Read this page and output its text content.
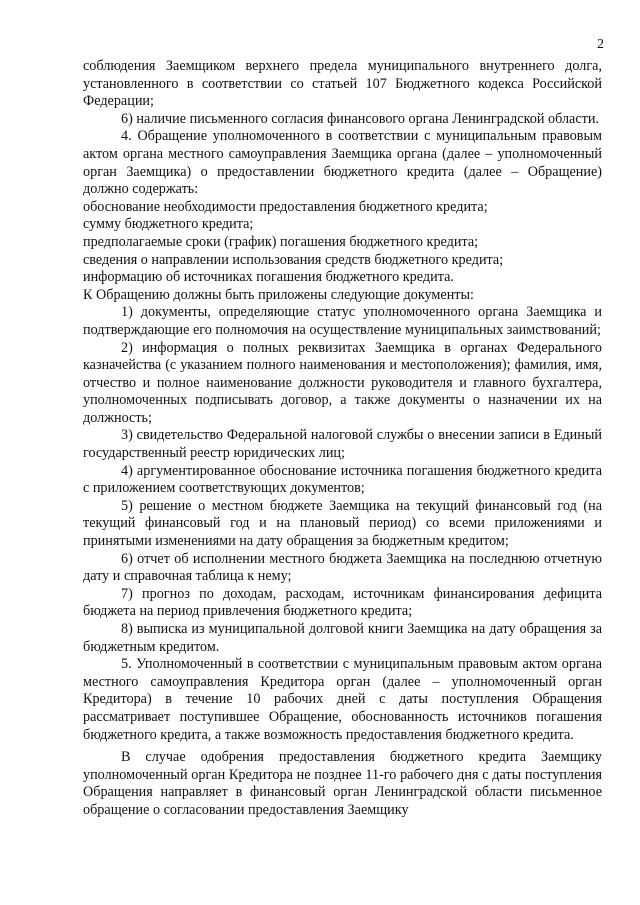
2

соблюдения Заемщиком верхнего предела муниципального внутреннего долга, установленного в соответствии со статьей 107 Бюджетного кодекса Российской Федерации;

6) наличие письменного согласия финансового органа Ленинградской области.

4. Обращение уполномоченного в соответствии с муниципальным правовым актом органа местного самоуправления Заемщика органа (далее – уполномоченный орган Заемщика) о предоставлении бюджетного кредита (далее – Обращение) должно содержать:

обоснование необходимости предоставления бюджетного кредита;

сумму бюджетного кредита;

предполагаемые сроки (график) погашения бюджетного кредита;

сведения о направлении использования средств бюджетного кредита;

информацию об источниках погашения бюджетного кредита.

К Обращению должны быть приложены следующие документы:

1) документы, определяющие статус уполномоченного органа Заемщика и подтверждающие его полномочия на осуществление муниципальных заимствований;

2) информация о полных реквизитах Заемщика в органах Федерального казначейства (с указанием полного наименования и местоположения); фамилия, имя, отчество и полное наименование должности руководителя и главного бухгалтера, уполномоченных подписывать договор, а также документы о назначении их на должность;

3) свидетельство Федеральной налоговой службы о внесении записи в Единый государственный реестр юридических лиц;

4) аргументированное обоснование источника погашения бюджетного кредита с приложением соответствующих документов;

5) решение о местном бюджете Заемщика на текущий финансовый год (на текущий финансовый год и на плановый период) со всеми приложениями и принятыми изменениями на дату обращения за бюджетным кредитом;

6) отчет об исполнении местного бюджета Заемщика на последнюю отчетную дату и справочная таблица к нему;

7) прогноз по доходам, расходам, источникам финансирования дефицита бюджета на период привлечения бюджетного кредита;

8) выписка из муниципальной долговой книги Заемщика на дату обращения за бюджетным кредитом.

5. Уполномоченный в соответствии с муниципальным правовым актом органа местного самоуправления Кредитора орган (далее – уполномоченный орган Кредитора) в течение 10 рабочих дней с даты поступления Обращения рассматривает поступившее Обращение, обоснованность источников погашения бюджетного кредита, а также возможность предоставления бюджетного кредита.

В случае одобрения предоставления бюджетного кредита Заемщику уполномоченный орган Кредитора не позднее 11-го рабочего дня с даты поступления Обращения направляет в финансовый орган Ленинградской области письменное обращение о согласовании предоставления Заемщику
